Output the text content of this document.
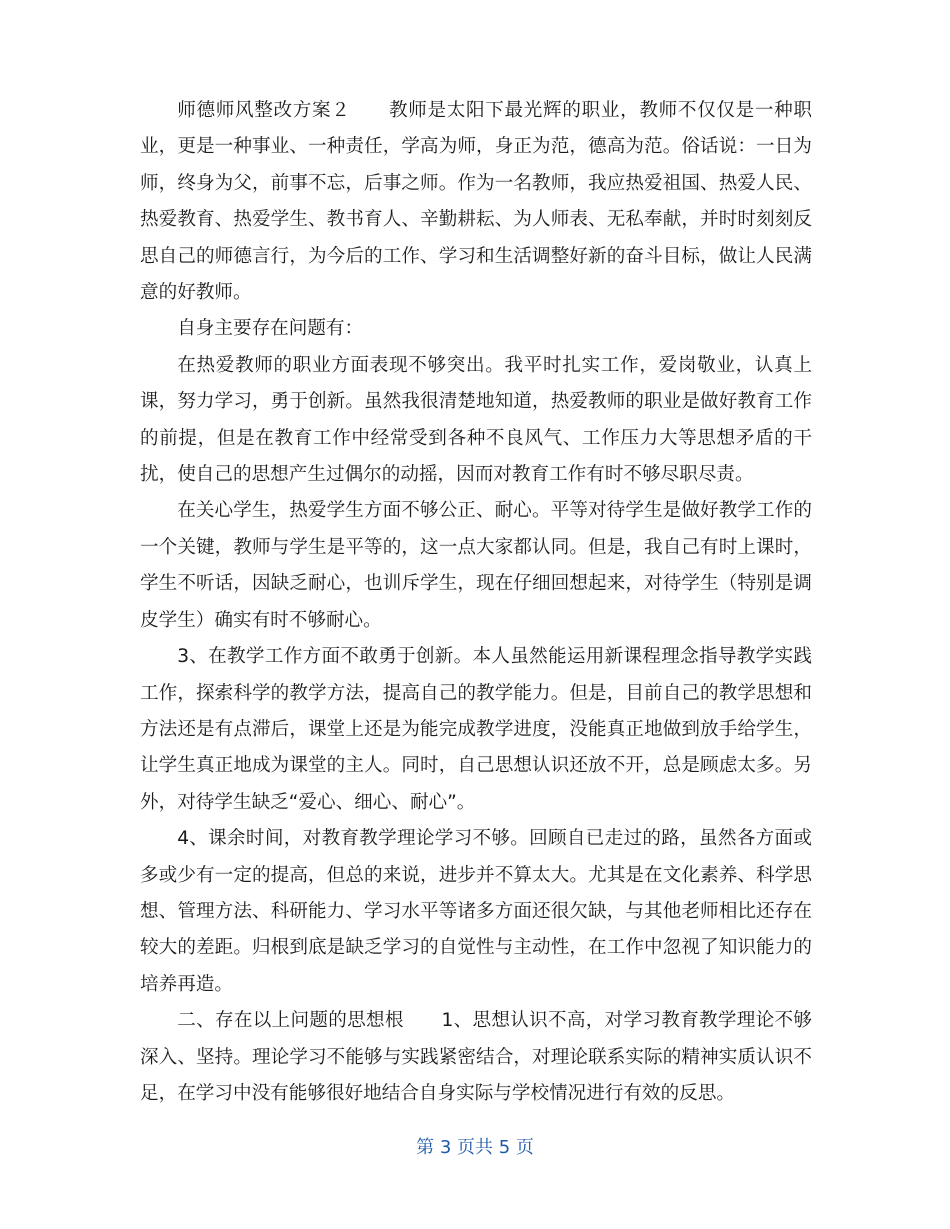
师德师风整改方案２　　教师是太阳下最光辉的职业，教师不仅仅是一种职业，更是一种事业、一种责任，学高为师，身正为范，德高为范。俗话说：一日为师，终身为父，前事不忘，后事之师。作为一名教师，我应热爱祖国、热爱人民、热爱教育、热爱学生、教书育人、辛勤耕耘、为人师表、无私奉献，并时时刻刻反思自己的师德言行，为今后的工作、学习和生活调整好新的奋斗目标，做让人民满意的好教师。

自身主要存在问题有：

在热爱教师的职业方面表现不够突出。我平时扎实工作，爱岗敬业，认真上课，努力学习，勇于创新。虽然我很清楚地知道，热爱教师的职业是做好教育工作的前提，但是在教育工作中经常受到各种不良风气、工作压力大等思想矛盾的干扰，使自己的思想产生过偶尔的动摇，因而对教育工作有时不够尽职尽责。

在关心学生，热爱学生方面不够公正、耐心。平等对待学生是做好教学工作的一个关键，教师与学生是平等的，这一点大家都认同。但是，我自己有时上课时，学生不听话，因缺乏耐心，也训斥学生，现在仔细回想起来，对待学生（特别是调皮学生）确实有时不够耐心。

3、在教学工作方面不敢勇于创新。本人虽然能运用新课程理念指导教学实践工作，探索科学的教学方法，提高自己的教学能力。但是，目前自己的教学思想和方法还是有点滞后，课堂上还是为能完成教学进度，没能真正地做到放手给学生，让学生真正地成为课堂的主人。同时，自己思想认识还放不开，总是顾虑太多。另外，对待学生缺乏“爱心、细心、耐心”。

4、课余时间，对教育教学理论学习不够。回顾自已走过的路，虽然各方面或多或少有一定的提高，但总的来说，进步并不算太大。尤其是在文化素养、科学思想、管理方法、科研能力、学习水平等诸多方面还很欠缺，与其他老师相比还存在较大的差距。归根到底是缺乏学习的自觉性与主动性，在工作中忽视了知识能力的培养再造。

二、存在以上问题的思想根　　1、思想认识不高，对学习教育教学理论不够深入、坚持。理论学习不能够与实践紧密结合，对理论联系实际的精神实质认识不足，在学习中没有能够很好地结合自身实际与学校情况进行有效的反思。

第 3 页共 5 页
